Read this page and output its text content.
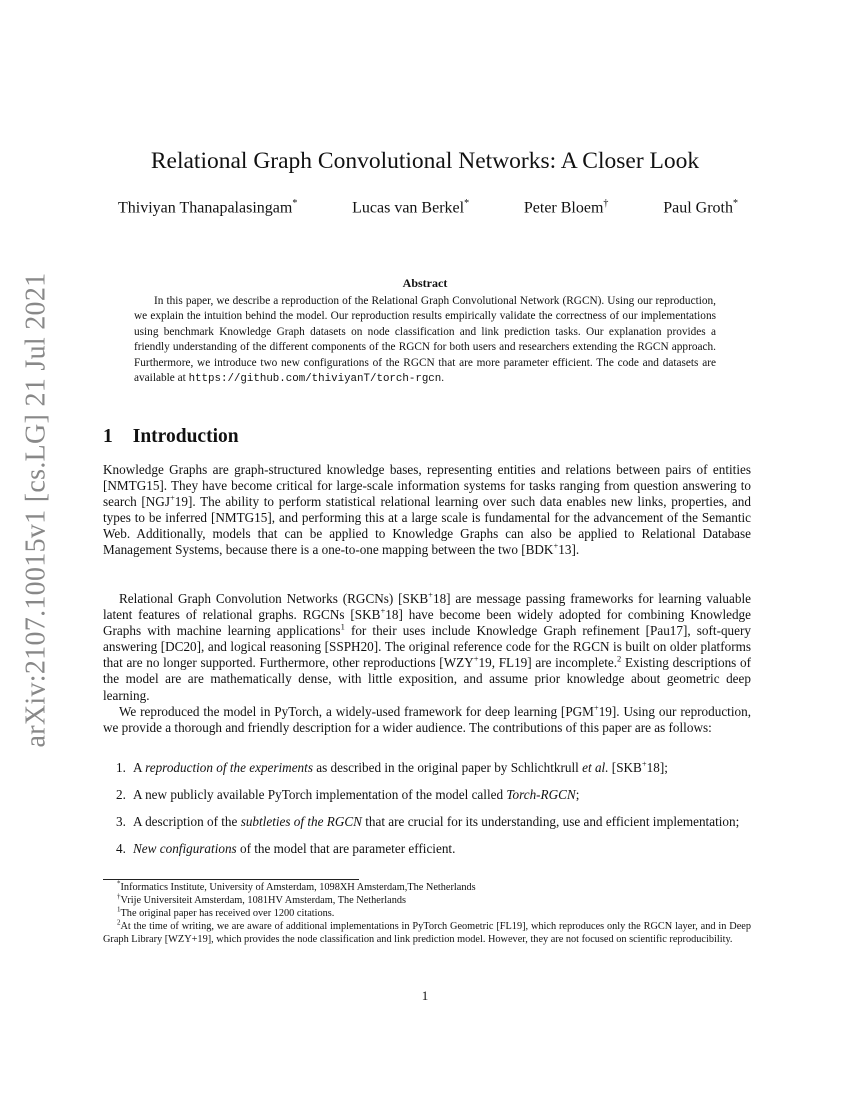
arXiv:2107.10015v1 [cs.LG] 21 Jul 2021
Relational Graph Convolutional Networks: A Closer Look
Thiviyan Thanapalasingam*	Lucas van Berkel*	Peter Bloem†	Paul Groth*
Abstract

In this paper, we describe a reproduction of the Relational Graph Convolutional Network (RGCN). Using our reproduction, we explain the intuition behind the model. Our reproduction results empirically validate the correctness of our implementations using benchmark Knowledge Graph datasets on node classification and link prediction tasks. Our explanation provides a friendly understanding of the different components of the RGCN for both users and researchers extending the RGCN approach. Furthermore, we introduce two new configurations of the RGCN that are more parameter efficient. The code and datasets are available at https://github.com/thiviyanT/torch-rgcn.

1 Introduction

Knowledge Graphs are graph-structured knowledge bases, representing entities and relations between pairs of entities [NMTG15]. They have become critical for large-scale information systems for tasks ranging from question answering to search [NGJ+19]. The ability to perform statistical relational learning over such data enables new links, properties, and types to be inferred [NMTG15], and performing this at a large scale is fundamental for the advancement of the Semantic Web. Additionally, models that can be applied to Knowledge Graphs can also be applied to Relational Database Management Systems, because there is a one-to-one mapping between the two [BDK+13].

Relational Graph Convolution Networks (RGCNs) [SKB+18] are message passing frameworks for learning valuable latent features of relational graphs. RGCNs [SKB+18] have become been widely adopted for combining Knowledge Graphs with machine learning applications$^1$ for their uses include Knowledge Graph refinement [Pau17], soft-query answering [DC20], and logical reasoning [SSPH20]. The original reference code for the RGCN is built on older platforms that are no longer supported. Furthermore, other reproductions [WZY+19, FL19] are incomplete.$^2$ Existing descriptions of the model are are mathematically dense, with little exposition, and assume prior knowledge about geometric deep learning.

We reproduced the model in PyTorch, a widely-used framework for deep learning [PGM+19]. Using our reproduction, we provide a thorough and friendly description for a wider audience. The contributions of this paper are as follows:

1. A reproduction of the experiments as described in the original paper by Schlichtkrull et al. [SKB+18];
2. A new publicly available PyTorch implementation of the model called Torch-RGCN;
3. A description of the subtleties of the RGCN that are crucial for its understanding, use and efficient implementation;
4. New configurations of the model that are parameter efficient.
*Informatics Institute, University of Amsterdam, 1098XH Amsterdam,The Netherlands
†Vrije Universiteit Amsterdam, 1081HV Amsterdam, The Netherlands
$^1$The original paper has received over 1200 citations.
$^2$At the time of writing, we are aware of additional implementations in PyTorch Geometric [FL19], which reproduces only the RGCN layer, and in Deep Graph Library [WZY+19], which provides the node classification and link prediction model. However, they are not focused on scientific reproducibility.
1
